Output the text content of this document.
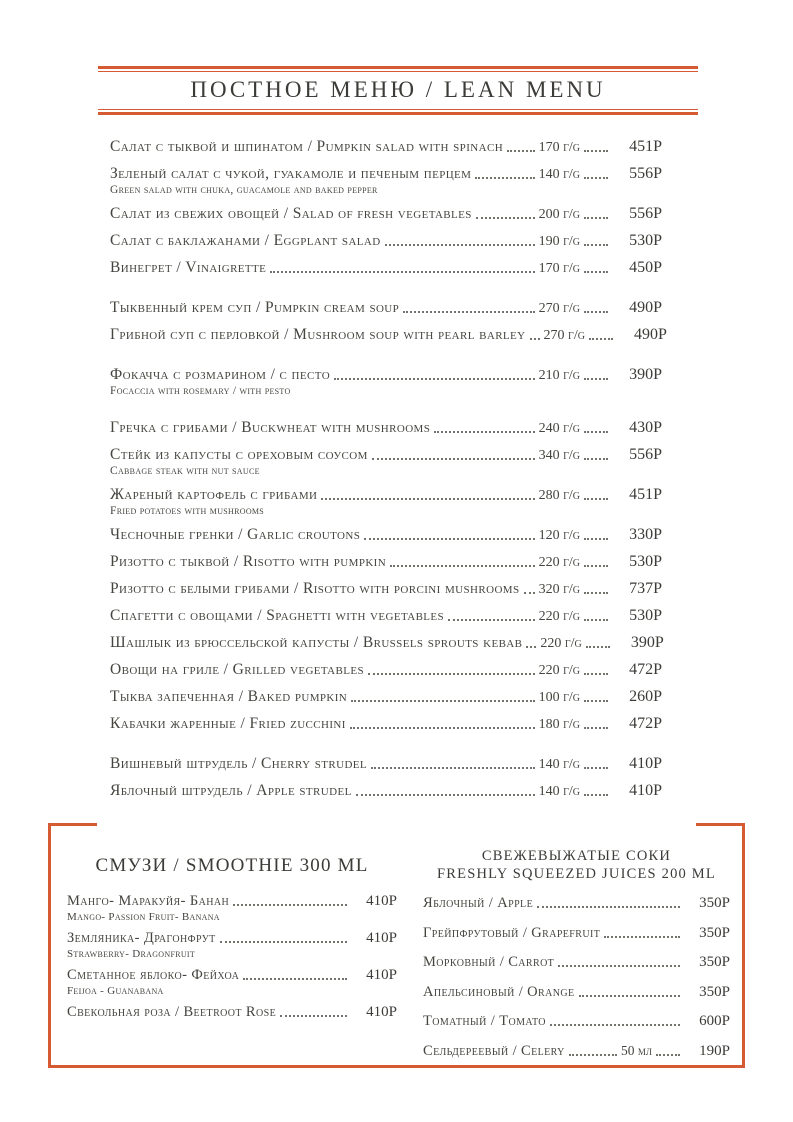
ПОСТНОЕ МЕНЮ / LEAN MENU
Салат с тыквой и шпинатом / Pumpkin salad with spinach	170 г/g	451Р
Зеленый салат с чукой, гуакамоле и печеным перцем	140 г/g	556Р
Green salad with chuka, guacamole and baked pepper
Салат из свежих овощей / Salad of fresh vegetables	200 г/g	556Р
Салат с баклажанами / Eggplant salad	190 г/g	530Р
Винегрет / Vinaigrette	170 г/g	450Р
Тыквенный крем суп / Pumpkin cream soup	270 г/g	490Р
Грибной суп с перловкой / Mushroom soup with pearl barley 270 г/g	490Р
Фокачча с розмарином / с песто	210 г/g	390Р
Focaccia with rosemary / with pesto
Гречка с грибами / Buckwheat with mushrooms	240 г/g	430Р
Стейк из капусты с ореховым соусом	340 г/g	556Р
Cabbage steak with nut sauce
Жареный картофель с грибами	280 г/g	451Р
Fried potatoes with mushrooms
Чесночные гренки / Garlic croutons	120 г/g	330Р
Ризотто с тыквой / Risotto with pumpkin	220 г/g	530Р
Ризотто с белыми грибами / Risotto with porcini mushrooms 320 г/g	737Р
Спагетти с овощами / Spaghetti with vegetables	220 г/g	530Р
Шашлык из брюссельской капусты / Brussels sprouts kebab 220 г/g	390Р
Овощи на гриле / Grilled vegetables	220 г/g	472Р
Тыква запеченная / Baked pumpkin	100 г/g	260Р
Кабачки жаренные / Fried zucchini	180 г/g	472Р
Вишневый штрудель / Cherry strudel	140 г/g	410Р
Яблочный штрудель / Apple strudel	140 г/g	410Р
СМУЗИ / SMOOTHIE 300 ML
Манго- Маракуйя- Банан	410Р
Mango- Passion Fruit- Banana
Земляника- Драгонфрут	410Р
Strawberry- Dragonfruit
Сметанное яблоко- Фейхоа	410Р
Feijoa - Guanabana
Свекольная роза / Beetroot Rose	410Р
СВЕЖЕВЫЖАТЫЕ СОКИ
FRESHLY SQUEEZED JUICES 200 ML
Яблочный / Apple	350Р
Грейпфрутовый / Grapefruit	350Р
Морковный / Carrot	350Р
Апельсиновый / Orange	350Р
Томатный / Tomato	600Р
Сельдереевый / Celery	50 мл	190Р
